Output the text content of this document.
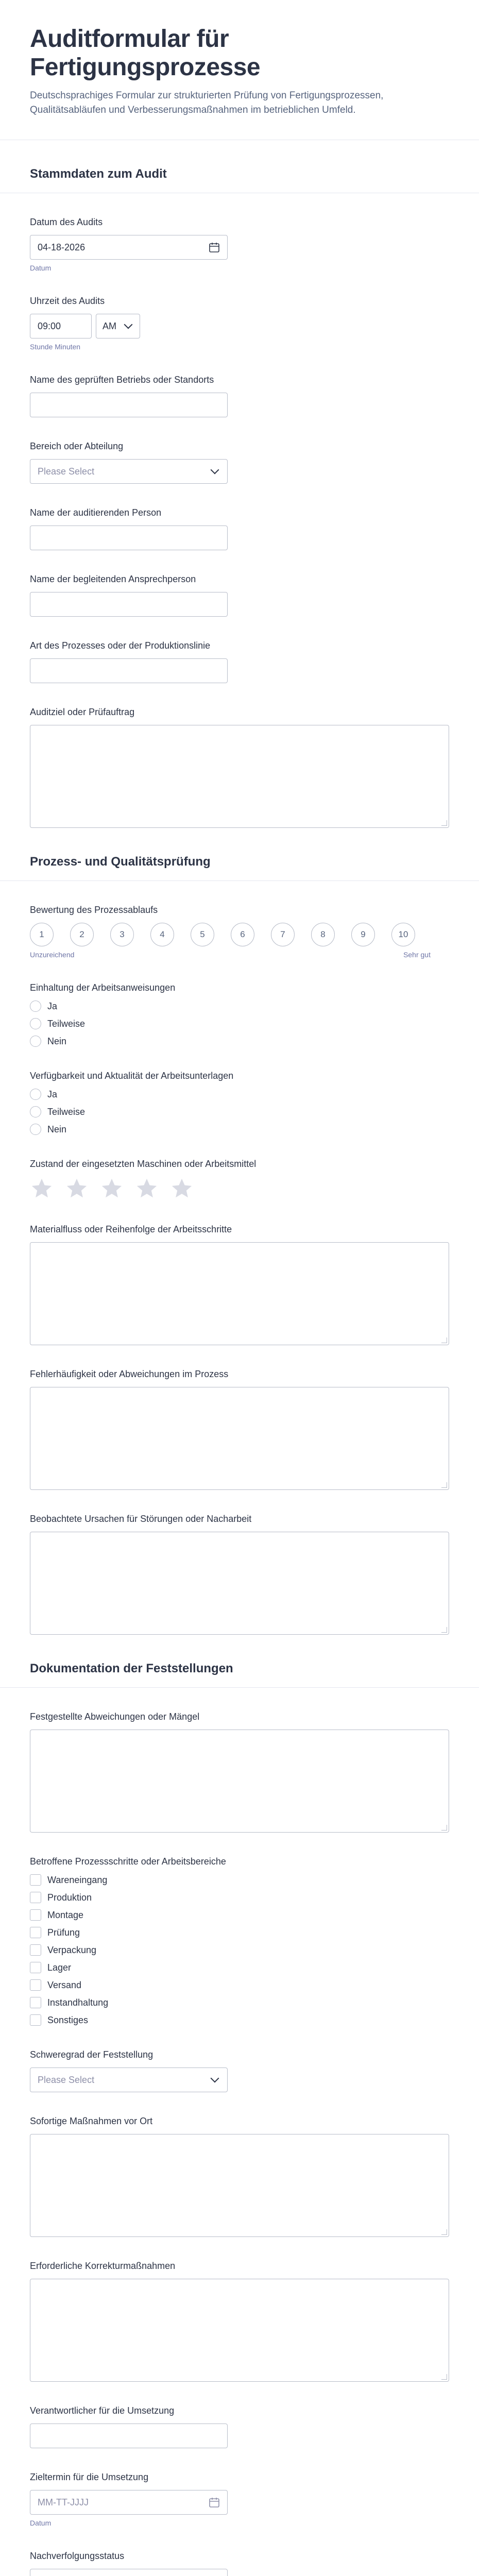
Auditformular für Fertigungsprozesse

Deutschsprachiges Formular zur strukturierten Prüfung von Fertigungsprozessen, Qualitätsabläufen und Verbesserungsmaßnahmen im betrieblichen Umfeld.

Stammdaten zum Audit
Datum des Audits
04-18-2026
Datum
Uhrzeit des Audits
09:00	AM
Stunde Minuten
Name des geprüften Betriebs oder Standorts
Bereich oder Abteilung
Please Select
Name der auditierenden Person
Name der begleitenden Ansprechperson
Art des Prozesses oder der Produktionslinie
Auditziel oder Prüfauftrag
Prozess- und Qualitätsprüfung
Bewertung des Prozessablaufs
1	2	3	4	5	6	7	8	9	10
Unzureichend	Sehr gut
Einhaltung der Arbeitsanweisungen
Ja
Teilweise
Nein
Verfügbarkeit und Aktualität der Arbeitsunterlagen
Ja
Teilweise
Nein
Zustand der eingesetzten Maschinen oder Arbeitsmittel
Materialfluss oder Reihenfolge der Arbeitsschritte
Fehlerhäufigkeit oder Abweichungen im Prozess
Beobachtete Ursachen für Störungen oder Nacharbeit
Dokumentation der Feststellungen
Festgestellte Abweichungen oder Mängel
Betroffene Prozessschritte oder Arbeitsbereiche
Wareneingang
Produktion
Montage
Prüfung
Verpackung
Lager
Versand
Instandhaltung
Sonstiges
Schweregrad der Feststellung
Please Select
Sofortige Maßnahmen vor Ort
Erforderliche Korrekturmaßnahmen
Verantwortlicher für die Umsetzung
Zieltermin für die Umsetzung
MM-TT-JJJJ
Datum
Nachverfolgungsstatus
